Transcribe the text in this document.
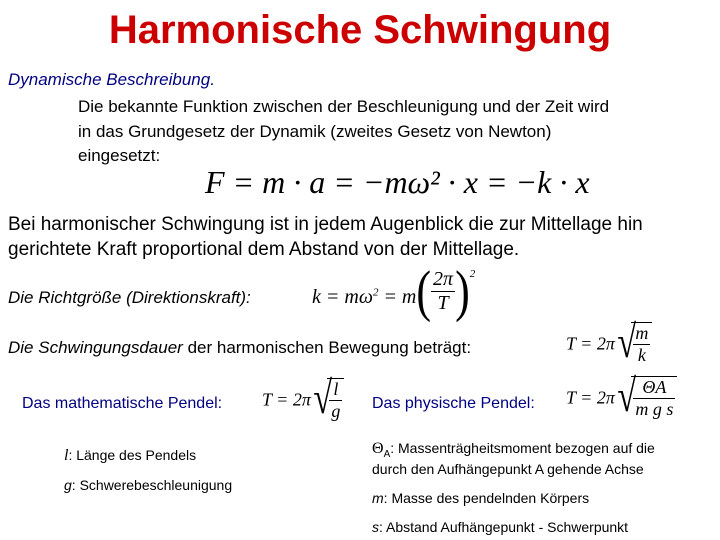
Harmonische Schwingung
Dynamische Beschreibung.
Die bekannte Funktion zwischen der Beschleunigung und der Zeit wird
in das Grundgesetz der Dynamik (zweites Gesetz von Newton)
eingesetzt:
F = m · a = −mω² · x = −k · x
Bei harmonischer Schwingung ist in jedem Augenblick die zur Mittellage hin
gerichtete Kraft proportional dem Abstand von der Mittellage.
Die Richtgröße (Direktionskraft):	$k = m\omega^2 = m( \frac{2\pi}{T} )^2$
Die Schwingungsdauer der harmonischen Bewegung beträgt:	T = 2π √ $\frac{m}{k}$
Das mathematische Pendel: T = 2π √ $\frac{l}{g}$
l: Länge des Pendels
g: Schwerebeschleunigung
Das physische Pendel: T = 2π √ $\frac{\Theta A}{\text{m g s}}$
$\Theta_A$: Massenträgheitsmoment bezogen auf die
durch den Aufhängepunkt A gehende Achse
m: Masse des pendelnden Körpers
s: Abstand Aufhängepunkt - Schwerpunkt
